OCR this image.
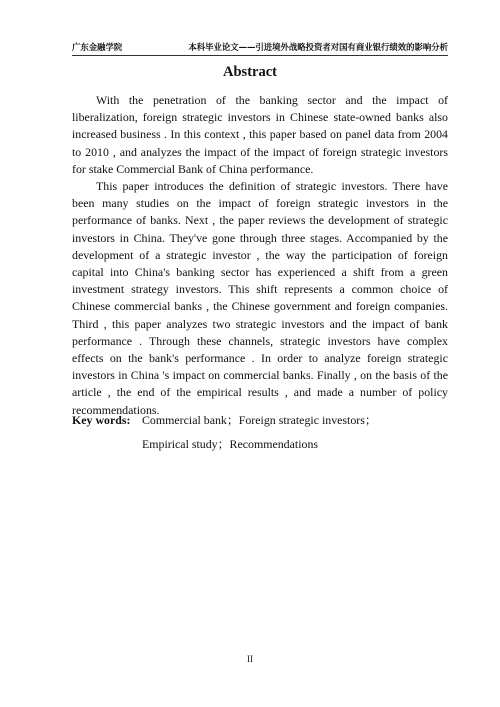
广东金融学院	本科毕业论文——引进境外战略投资者对国有商业银行绩效的影响分析
Abstract

With the penetration of the banking sector and the impact of liberalization, foreign strategic investors in Chinese state-owned banks also increased business . In this context , this paper based on panel data from 2004 to 2010 , and analyzes the impact of the impact of foreign strategic investors for stake Commercial Bank of China performance.

This paper introduces the definition of strategic investors. There have been many studies on the impact of foreign strategic investors in the performance of banks. Next , the paper reviews the development of strategic investors in China. They've gone through three stages. Accompanied by the development of a strategic investor , the way the participation of foreign capital into China's banking sector has experienced a shift from a green investment strategy investors. This shift represents a common choice of Chinese commercial banks , the Chinese government and foreign companies. Third , this paper analyzes two strategic investors and the impact of bank performance . Through these channels, strategic investors have complex effects on the bank's performance . In order to analyze foreign strategic investors in China 's impact on commercial banks. Finally , on the basis of the article , the end of the empirical results , and made a number of policy recommendations.

Key words: Commercial bank；Foreign strategic investors；
Empirical study；Recommendations
II
